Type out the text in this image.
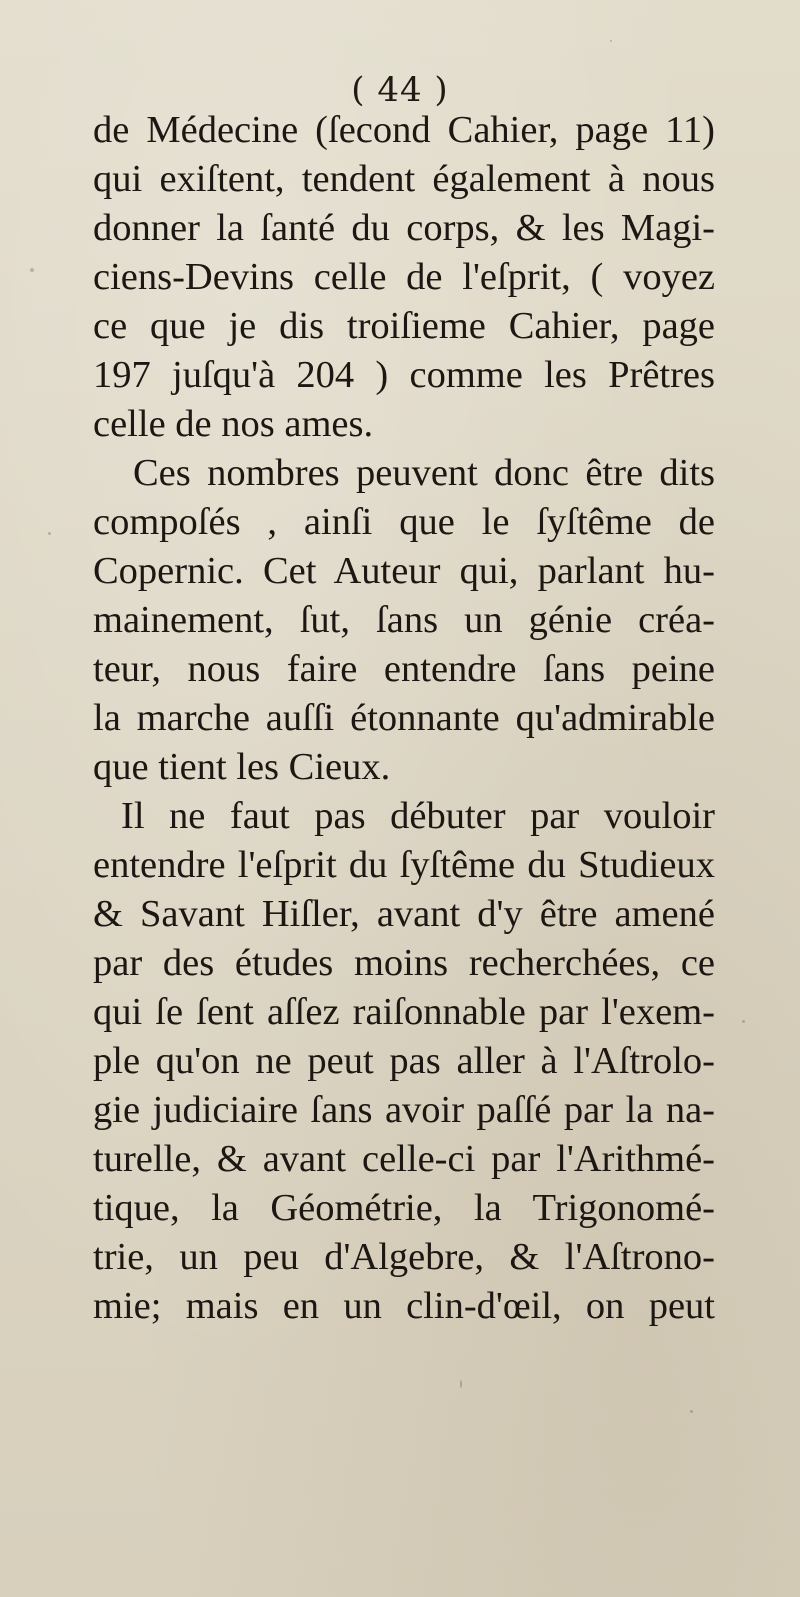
( 44 )
de Médecine (ſecond Cahier, page 11)
qui exiſtent, tendent également à nous
donner la ſanté du corps, & les Magi-
ciens-Devins celle de l'eſprit, ( voyez
ce que je dis troiſieme Cahier, page
197 juſqu'à 204 ) comme les Prêtres
celle de nos ames.
Ces nombres peuvent donc être dits
compoſés , ainſi que le ſyſtême de
Copernic. Cet Auteur qui, parlant hu-
mainement, ſut, ſans un génie créa-
teur, nous faire entendre ſans peine
la marche auſſi étonnante qu'admirable
que tient les Cieux.
Il ne faut pas débuter par vouloir
entendre l'eſprit du ſyſtême du Studieux
& Savant Hiſler, avant d'y être amené
par des études moins recherchées, ce
qui ſe ſent aſſez raiſonnable par l'exem-
ple qu'on ne peut pas aller à l'Aſtrolo-
gie judiciaire ſans avoir paſſé par la na-
turelle, & avant celle-ci par l'Arithmé-
tique, la Géométrie, la Trigonomé-
trie, un peu d'Algebre, & l'Aſtrono-
mie; mais en un clin-d'œil, on peut
